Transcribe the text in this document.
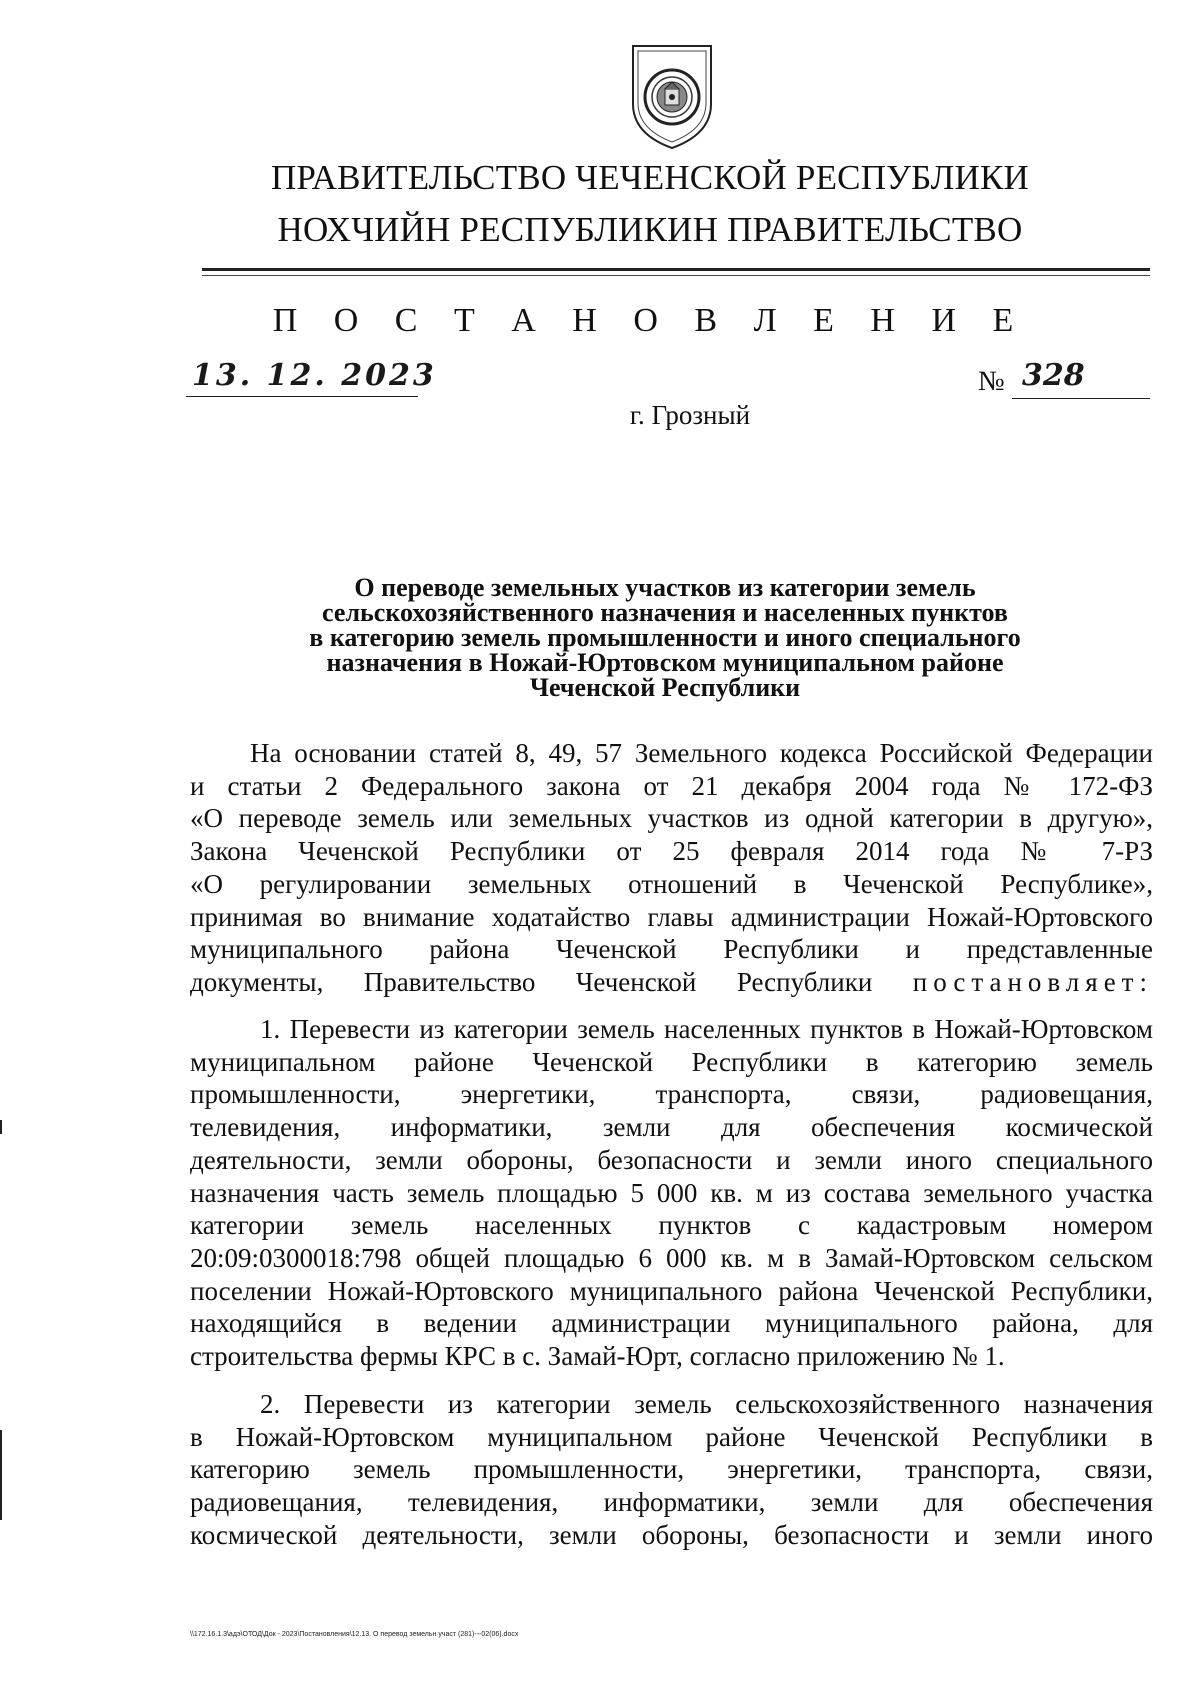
ПРАВИТЕЛЬСТВО ЧЕЧЕНСКОЙ РЕСПУБЛИКИ
НОХЧИЙН РЕСПУБЛИКИН ПРАВИТЕЛЬСТВО
П О С Т А Н О В Л Е Н И Е
13. 12. 2023	№ 328
г. Грозный
О переводе земельных участков из категории земель
сельскохозяйственного назначения и населенных пунктов
в категорию земель промышленности и иного специального
назначения в Ножай-Юртовском муниципальном районе
Чеченской Республики
На основании статей 8, 49, 57 Земельного кодекса Российской Федерации
и статьи 2 Федерального закона от 21 декабря 2004 года № 172-ФЗ
«О переводе земель или земельных участков из одной категории в другую»,
Закона Чеченской Республики от 25 февраля 2014 года № 7-РЗ
«О регулировании земельных отношений в Чеченской Республике»,
принимая во внимание ходатайство главы администрации Ножай-Юртовского
муниципального района Чеченской Республики и представленные
документы, Правительство Чеченской Республики постановляет:
1. Перевести из категории земель населенных пунктов в Ножай-Юртовском
муниципальном районе Чеченской Республики в категорию земель
промышленности, энергетики, транспорта, связи, радиовещания,
телевидения, информатики, земли для обеспечения космической
деятельности, земли обороны, безопасности и земли иного специального
назначения часть земель площадью 5 000 кв. м из состава земельного участка
категории земель населенных пунктов с кадастровым номером
20:09:0300018:798 общей площадью 6 000 кв. м в Замай-Юртовском сельском
поселении Ножай-Юртовского муниципального района Чеченской Республики,
находящийся в ведении администрации муниципального района, для
строительства фермы КРС в с. Замай-Юрт, согласно приложению № 1.
2. Перевести из категории земель сельскохозяйственного назначения
в Ножай-Юртовском муниципальном районе Чеченской Республики в
категорию земель промышленности, энергетики, транспорта, связи,
радиовещания, телевидения, информатики, земли для обеспечения
космической деятельности, земли обороны, безопасности и земли иного
\\172.16.1.3\адэ\ОТОД\Док - 2023\Постановления\12.13. О перевод земельн участ (281)---02(06).docx
